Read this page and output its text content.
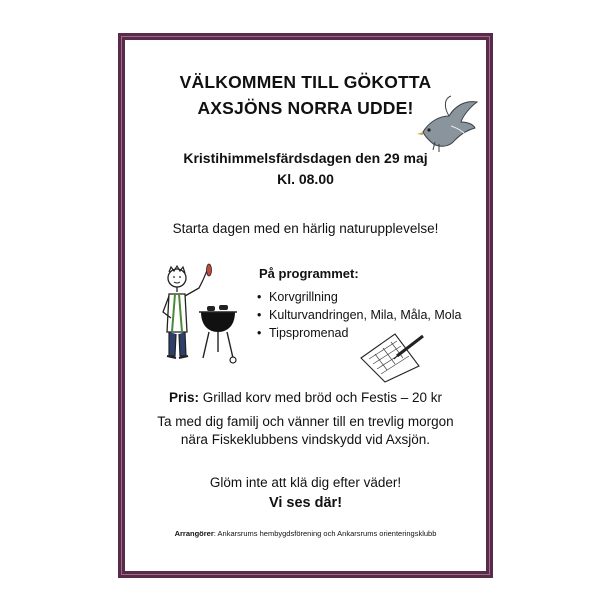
VÄLKOMMEN TILL GÖKOTTA
AXSJÖNS NORRA UDDE!
Kristihimmelsfärdsdagen den 29 maj
Kl. 08.00
Starta dagen med en härlig naturupplevelse!
På programmet:
• Korvgrillning
• Kulturvandringen, Mila, Måla, Mola
• Tipspromenad
Pris: Grillad korv med bröd och Festis – 20 kr
Ta med dig familj och vänner till en trevlig morgon
nära Fiskeklubbens vindskydd vid Axsjön.
Glöm inte att klä dig efter väder!
Vi ses där!
Arrangörer: Ankarsrums hembygdsförening och Ankarsrums orienteringsklubb
